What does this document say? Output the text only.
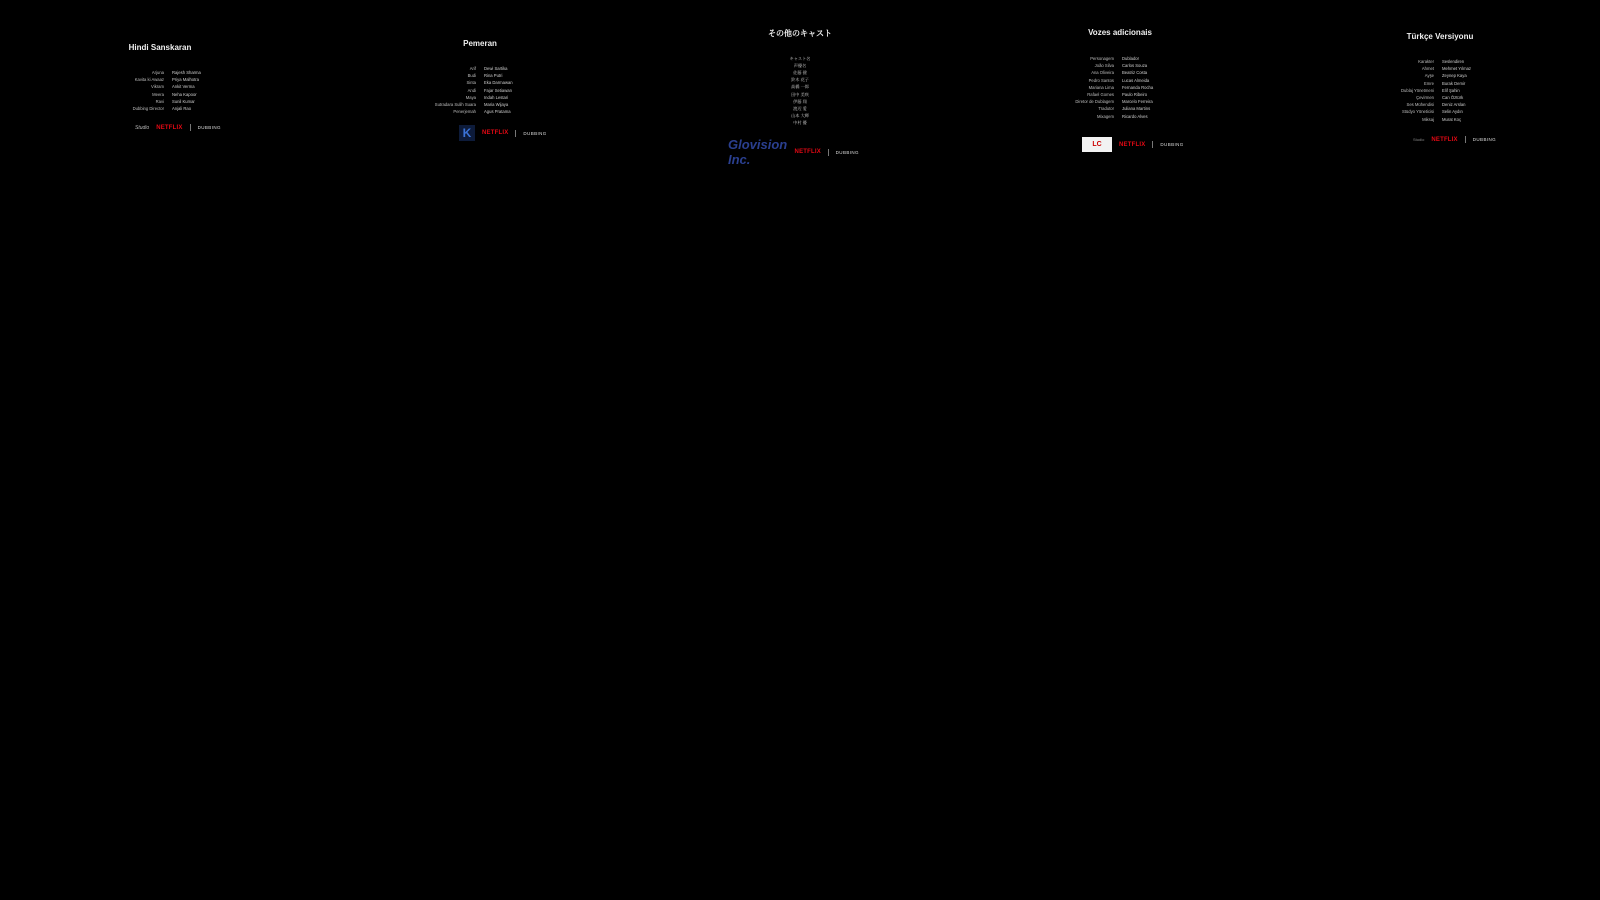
Hindi Sanskaran
Arjuna	Rajesh Sharma
Kavita ki Awaaz	Priya Malhotra
Vikram	Ankit Verma
Meera	Neha Kapoor
Ravi	Sunil Kumar
Dubbing Director	Anjali Rao
Studio NETFLIX	DUBBING
Pemeran
Arif	Dewi Sartika
Budi	Rina Putri
Sinta	Eka Darmawan
Andi	Fajar Setiawan
Maya	Indah Lestari
Sutradara Sulih Suara	Maria Wijaya
Penerjemah	Agus Pratama
K	NETFLIX	DUBBING
その他のキャスト
キャスト名
声優名
佐藤 健
鈴木 花子
高橋 一郎
田中 美咲
伊藤 翔
渡辺 愛
山本 大輝
中村 優
Glovision Inc.	NETFLIX	DUBBING
Vozes adicionais
Personagem	Dublador
João Silva	Carlos Souza
Ana Oliveira	Beatriz Costa
Pedro Santos	Lucas Almeida
Mariana Lima	Fernanda Rocha
Rafael Gomes	Paulo Ribeiro
Diretor de Dublagem	Marcelo Ferreira
Tradutor	Juliana Martins
Mixagem	Ricardo Alves
LC	NETFLIX	DUBBING
Türkçe Versiyonu
Karakter	Seslendiren
Ahmet	Mehmet Yılmaz
Ayşe	Zeynep Kaya
Emre	Burak Demir
Dublaj Yönetmeni	Elif Şahin
Çevirmen	Can Öztürk
Ses Mühendisi	Deniz Arslan
Stüdyo Yöneticisi	Selin Aydın
Miksaj	Murat Koç
Studio NETFLIX	DUBBING
